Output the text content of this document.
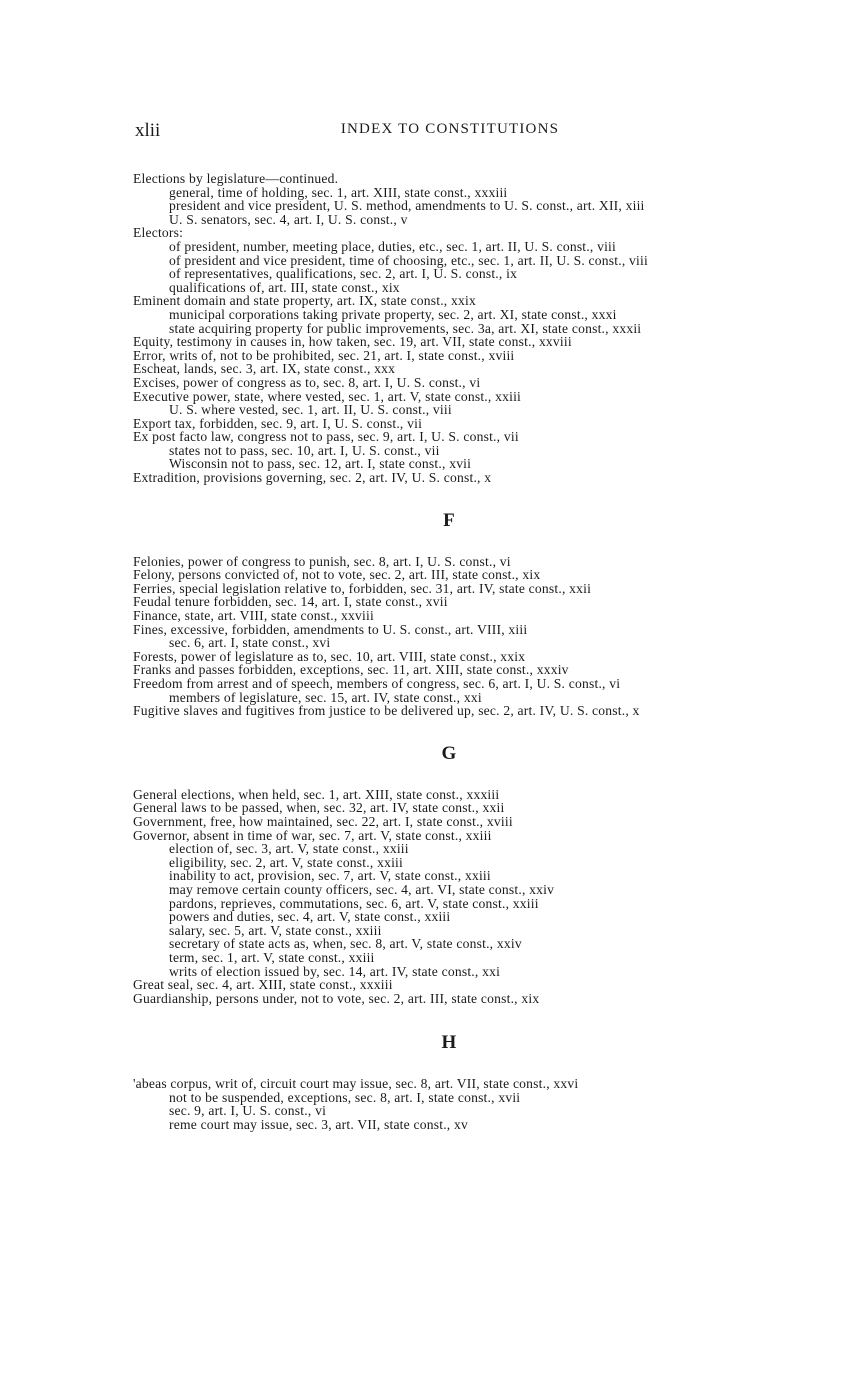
xlii	INDEX TO CONSTITUTIONS
Elections by legislature—continued.
general, time of holding, sec. 1, art. XIII, state const., xxxiii
president and vice president, U. S. method, amendments to U. S. const., art. XII, xiii
U. S. senators, sec. 4, art. I, U. S. const., v
Electors:
of president, number, meeting place, duties, etc., sec. 1, art. II, U. S. const., viii
of president and vice president, time of choosing, etc., sec. 1, art. II, U. S. const., viii
of representatives, qualifications, sec. 2, art. I, U. S. const., ix
qualifications of, art. III, state const., xix
Eminent domain and state property, art. IX, state const., xxix
municipal corporations taking private property, sec. 2, art. XI, state const., xxxi
state acquiring property for public improvements, sec. 3a, art. XI, state const., xxxii
Equity, testimony in causes in, how taken, sec. 19, art. VII, state const., xxviii
Error, writs of, not to be prohibited, sec. 21, art. I, state const., xviii
Escheat, lands, sec. 3, art. IX, state const., xxx
Excises, power of congress as to, sec. 8, art. I, U. S. const., vi
Executive power, state, where vested, sec. 1, art. V, state const., xxiii
U. S. where vested, sec. 1, art. II, U. S. const., viii
Export tax, forbidden, sec. 9, art. I, U. S. const., vii
Ex post facto law, congress not to pass, sec. 9, art. I, U. S. const., vii
states not to pass, sec. 10, art. I, U. S. const., vii
Wisconsin not to pass, sec. 12, art. I, state const., xvii
Extradition, provisions governing, sec. 2, art. IV, U. S. const., x
F
Felonies, power of congress to punish, sec. 8, art. I, U. S. const., vi
Felony, persons convicted of, not to vote, sec. 2, art. III, state const., xix
Ferries, special legislation relative to, forbidden, sec. 31, art. IV, state const., xxii
Feudal tenure forbidden, sec. 14, art. I, state const., xvii
Finance, state, art. VIII, state const., xxviii
Fines, excessive, forbidden, amendments to U. S. const., art. VIII, xiii
sec. 6, art. I, state const., xvi
Forests, power of legislature as to, sec. 10, art. VIII, state const., xxix
Franks and passes forbidden, exceptions, sec. 11, art. XIII, state const., xxxiv
Freedom from arrest and of speech, members of congress, sec. 6, art. I, U. S. const., vi
members of legislature, sec. 15, art. IV, state const., xxi
Fugitive slaves and fugitives from justice to be delivered up, sec. 2, art. IV, U. S. const., x
G
General elections, when held, sec. 1, art. XIII, state const., xxxiii
General laws to be passed, when, sec. 32, art. IV, state const., xxii
Government, free, how maintained, sec. 22, art. I, state const., xviii
Governor, absent in time of war, sec. 7, art. V, state const., xxiii
election of, sec. 3, art. V, state const., xxiii
eligibility, sec. 2, art. V, state const., xxiii
inability to act, provision, sec. 7, art. V, state const., xxiii
may remove certain county officers, sec. 4, art. VI, state const., xxiv
pardons, reprieves, commutations, sec. 6, art. V, state const., xxiii
powers and duties, sec. 4, art. V, state const., xxiii
salary, sec. 5, art. V, state const., xxiii
secretary of state acts as, when, sec. 8, art. V, state const., xxiv
term, sec. 1, art. V, state const., xxiii
writs of election issued by, sec. 14, art. IV, state const., xxi
Great seal, sec. 4, art. XIII, state const., xxxiii
Guardianship, persons under, not to vote, sec. 2, art. III, state const., xix
H
'abeas corpus, writ of, circuit court may issue, sec. 8, art. VII, state const., xxvi
not to be suspended, exceptions, sec. 8, art. I, state const., xvii
sec. 9, art. I, U. S. const., vi
reme court may issue, sec. 3, art. VII, state const., xv
